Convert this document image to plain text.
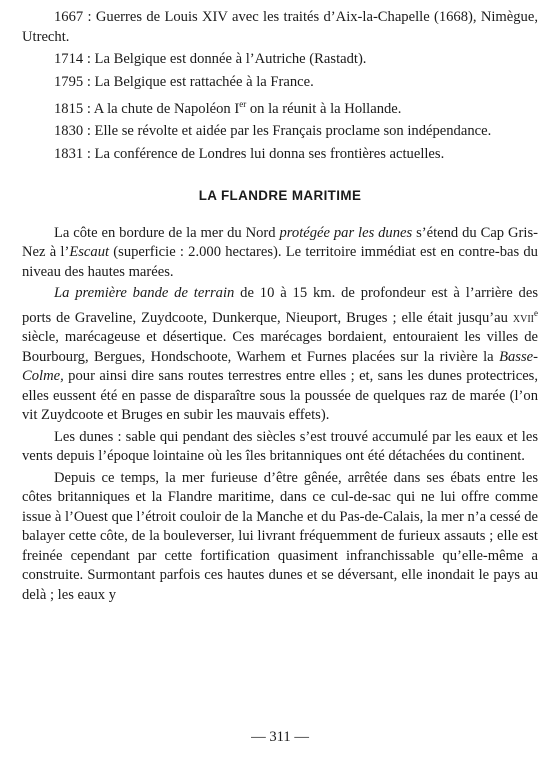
1667 : Guerres de Louis XIV avec les traités d’Aix-la-Chapelle (1668), Nimègue, Utrecht.

1714 : La Belgique est donnée à l’Autriche (Rastadt).

1795 : La Belgique est rattachée à la France.

1815 : A la chute de Napoléon Ier on la réunit à la Hollande.

1830 : Elle se révolte et aidée par les Français proclame son indépendance.

1831 : La conférence de Londres lui donna ses frontières actuelles.

LA FLANDRE MARITIME

La côte en bordure de la mer du Nord protégée par les dunes s’étend du Cap Gris-Nez à l’Escaut (superficie : 2.000 hectares). Le territoire immédiat est en contre-bas du niveau des hautes marées.

La première bande de terrain de 10 à 15 km. de profondeur est à l’arrière des ports de Graveline, Zuydcoote, Dunkerque, Nieuport, Bruges ; elle était jusqu’au xvii$^e$ siècle, marécageuse et désertique. Ces marécages bordaient, entouraient les villes de Bourbourg, Bergues, Hondschoote, Warhem et Furnes placées sur la rivière la Basse-Colme, pour ainsi dire sans routes terrestres entre elles ; et, sans les dunes protectrices, elles eussent été en passe de disparaître sous la poussée de quelques raz de marée (l’on vit Zuydcoote et Bruges en subir les mauvais effets).

Les dunes : sable qui pendant des siècles s’est trouvé accumulé par les eaux et les vents depuis l’époque lointaine où les îles britanniques ont été détachées du continent.

Depuis ce temps, la mer furieuse d’être gênée, arrêtée dans ses ébats entre les côtes britanniques et la Flandre maritime, dans ce cul-de-sac qui ne lui offre comme issue à l’Ouest que l’étroit couloir de la Manche et du Pas-de-Calais, la mer n’a cessé de balayer cette côte, de la bouleverser, lui livrant fréquemment de furieux assauts ; elle est freinée cependant par cette fortification quasiment infranchissable qu’elle-même a construite. Surmontant parfois ces hautes dunes et se déversant, elle inondait le pays au delà ; les eaux y

— 311 —
